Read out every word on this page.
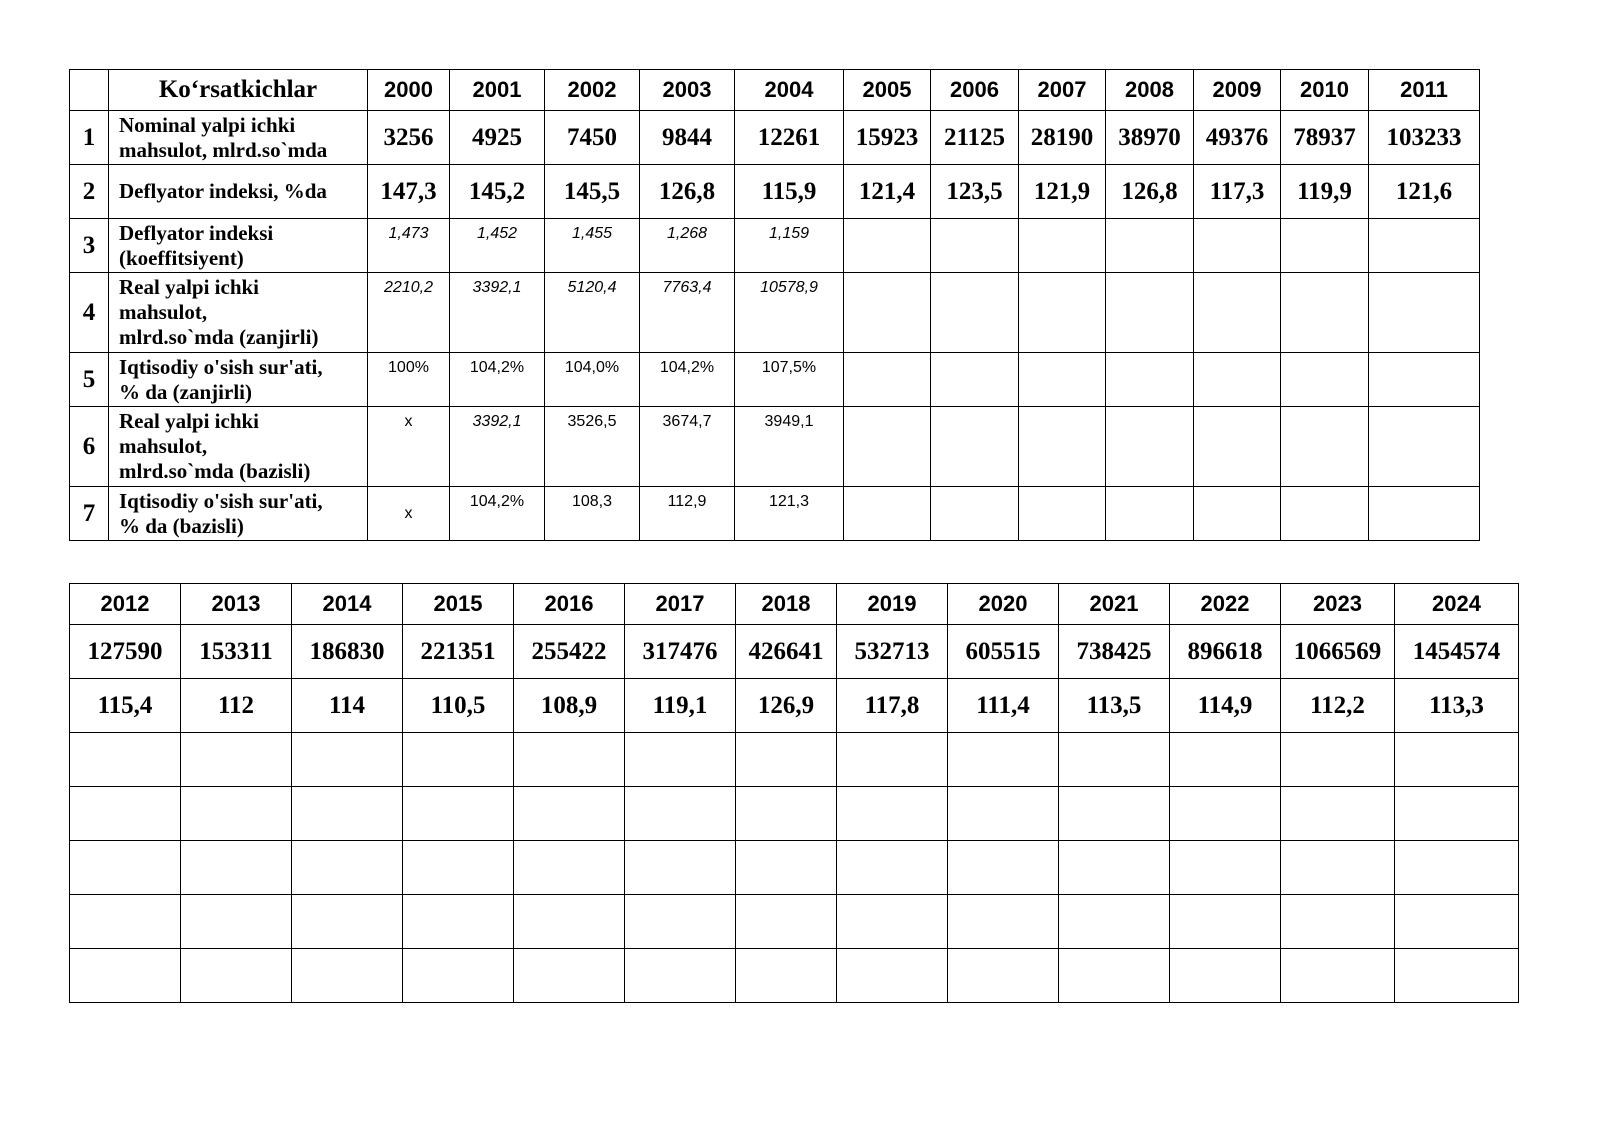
	Ko‘rsatkichlar	2000	2001	2002	2003	2004	2005	2006	2007	2008	2009	2010	2011
1	Nominal yalpi ichki
mahsulot, mlrd.so`mda	3256	4925	7450	9844	12261	15923	21125	28190	38970	49376	78937	103233
2	Deflyator indeksi, %da	147,3	145,2	145,5	126,8	115,9	121,4	123,5	121,9	126,8	117,3	119,9	121,6
3	Deflyator indeksi
(koeffitsiyent)	1,473	1,452	1,455	1,268	1,159							
4	Real yalpi ichki
mahsulot,
mlrd.so`mda (zanjirli)	2210,2	3392,1	5120,4	7763,4	10578,9							
5	Iqtisodiy o'sish sur'ati,
% da (zanjirli)	100%	104,2%	104,0%	104,2%	107,5%							
6	Real yalpi ichki
mahsulot,
mlrd.so`mda (bazisli)	x	3392,1	3526,5	3674,7	3949,1							
7	Iqtisodiy o'sish sur'ati,
% da (bazisli)	x	104,2%	108,3	112,9	121,3							
2012	2013	2014	2015	2016	2017	2018	2019	2020	2021	2022	2023	2024
127590	153311	186830	221351	255422	317476	426641	532713	605515	738425	896618	1066569	1454574
115,4	112	114	110,5	108,9	119,1	126,9	117,8	111,4	113,5	114,9	112,2	113,3
